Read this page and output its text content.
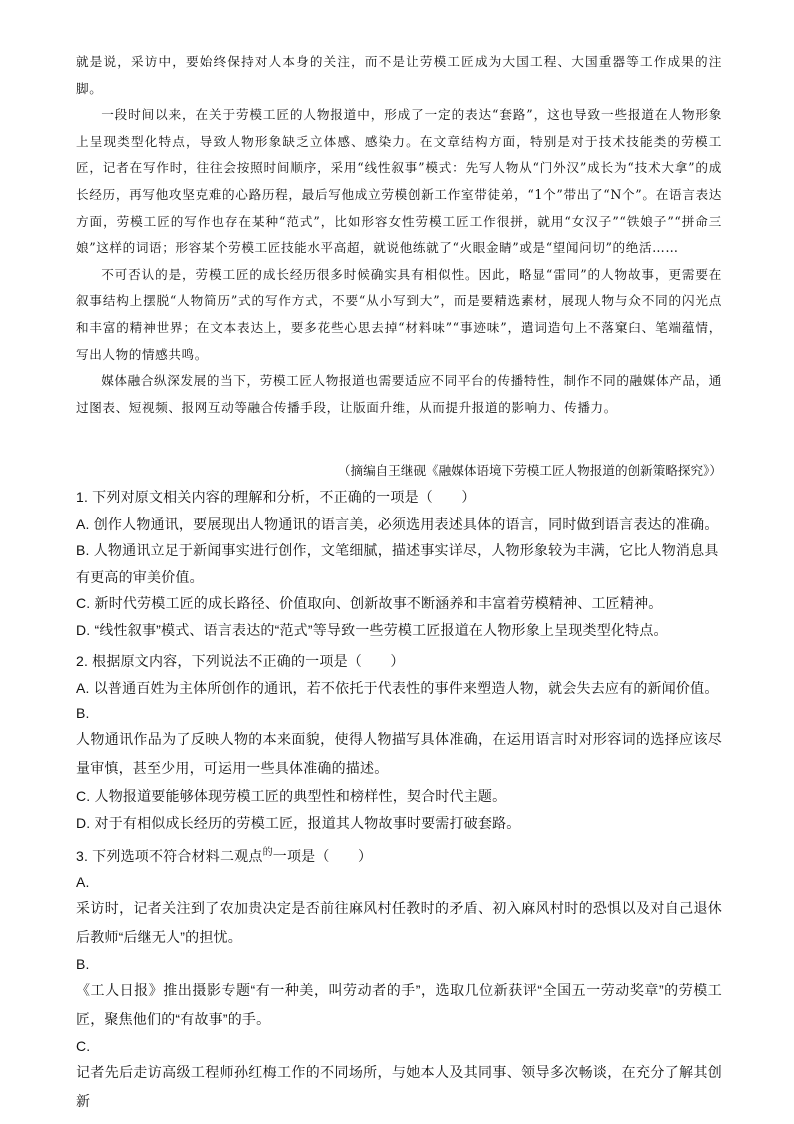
就是说，采访中，要始终保持对人本身的关注，而不是让劳模工匠成为大国工程、大国重器等工作成果的注脚。

一段时间以来，在关于劳模工匠的人物报道中，形成了一定的表达“套路”，这也导致一些报道在人物形象上呈现类型化特点，导致人物形象缺乏立体感、感染力。在文章结构方面，特别是对于技术技能类的劳模工匠，记者在写作时，往往会按照时间顺序，采用“线性叙事”模式：先写人物从“门外汉”成长为“技术大拿”的成长经历，再写他攻坚克难的心路历程，最后写他成立劳模创新工作室带徒弟，“1个”带出了“N个”。在语言表达方面，劳模工匠的写作也存在某种“范式”，比如形容女性劳模工匠工作很拼，就用“女汉子”“铁娘子”“拼命三娘”这样的词语；形容某个劳模工匠技能水平高超，就说他练就了“火眼金睛”或是“望闻问切”的绝活……

不可否认的是，劳模工匠的成长经历很多时候确实具有相似性。因此，略显“雷同”的人物故事，更需要在叙事结构上摆脱“人物简历”式的写作方式，不要“从小写到大”，而是要精选素材，展现人物与众不同的闪光点和丰富的精神世界；在文本表达上，要多花些心思去掉“材料味”“事迹味”，遣词造句上不落窠臼、笔端蕴情，写出人物的情感共鸣。

媒体融合纵深发展的当下，劳模工匠人物报道也需要适应不同平台的传播特性，制作不同的融媒体产品，通过图表、短视频、报网互动等融合传播手段，让版面升维，从而提升报道的影响力、传播力。

（摘编自王继砚《融媒体语境下劳模工匠人物报道的创新策略探究》）

1. 下列对原文相关内容的理解和分析，不正确的一项是（　　）

A. 创作人物通讯，要展现出人物通讯的语言美，必须选用表述具体的语言，同时做到语言表达的准确。

B. 人物通讯立足于新闻事实进行创作，文笔细腻，描述事实详尽，人物形象较为丰满，它比人物消息具有更高的审美价值。

C. 新时代劳模工匠的成长路径、价值取向、创新故事不断涵养和丰富着劳模精神、工匠精神。

D. “线性叙事”模式、语言表达的“范式”等导致一些劳模工匠报道在人物形象上呈现类型化特点。

2. 根据原文内容，下列说法不正确的一项是（　　）

A. 以普通百姓为主体所创作的通讯，若不依托于代表性的事件来塑造人物，就会失去应有的新闻价值。

B.

人物通讯作品为了反映人物的本来面貌，使得人物描写具体准确，在运用语言时对形容词的选择应该尽量审慎，甚至少用，可运用一些具体准确的描述。

C. 人物报道要能够体现劳模工匠的典型性和榜样性，契合时代主题。

D. 对于有相似成长经历的劳模工匠，报道其人物故事时要需打破套路。

3. 下列选项不符合材料二观点$^的$一项是（　　）

A.

采访时，记者关注到了农加贵决定是否前往麻风村任教时的矛盾、初入麻风村时的恐惧以及对自己退休后教师“后继无人”的担忧。

B.

《工人日报》推出摄影专题“有一种美，叫劳动者的手”，选取几位新获评“全国五一劳动奖章”的劳模工匠，聚焦他们的“有故事”的手。

C.

记者先后走访高级工程师孙红梅工作的不同场所，与她本人及其同事、领导多次畅谈，在充分了解其创新
